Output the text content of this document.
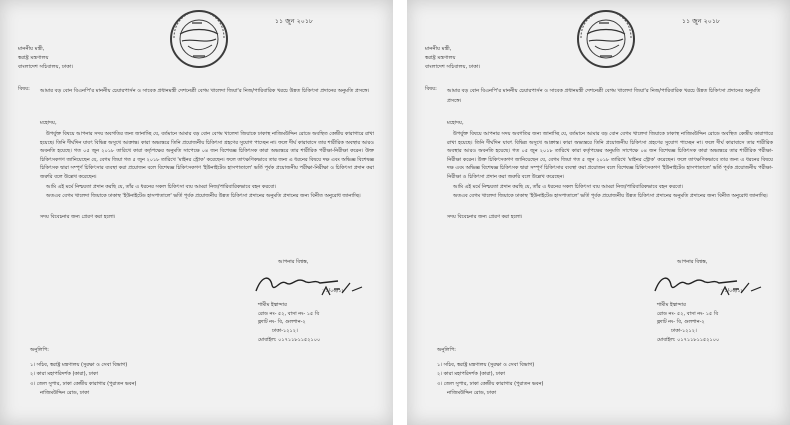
১১ জুন ২০১৮
মাননীয় মন্ত্রী,
স্বরাষ্ট্র মন্ত্রণালয়
বাংলাদেশ সচিবালয়, ঢাকা।
বিষয়: আমার বড় বোন বিএনপি'র মাননীয় চেয়ারপার্সন ও সাবেক প্রধানমন্ত্রী দেশনেত্রী বেগম খালেদা জিয়া'র নিজ/পারিবারিক খরচে উন্নত চিকিৎসা প্রদানের অনুমতি প্রসঙ্গে।
মহোদয়,

উপর্যুক্ত বিষয়ে আপনার সদয় অবগতির জন্য জানাচ্ছি যে, বর্তমানে আমার বড় বোন বেগম খালেদা জিয়াকে ঢাকাস্থ নাজিমউদ্দিন রোডে অবস্থিত কেন্দ্রীয় কারাগারে রাখা হয়েছে। তিনি দীর্ঘদিন যাবৎ বিভিন্ন অসুখে আক্রান্ত। কারা অভ্যন্তরে তিনি প্রয়োজনীয় চিকিৎসা গ্রহণের সুযোগ পাচ্ছেন না। ফলে দীর্ঘ কারাবাসে তার শারীরিক অবস্থার আরও অবনতি হয়েছে। গত ০৫ জুন ২০১৮ তারিখে কারা কর্তৃপক্ষের অনুমতি সাপেক্ষে ০৪ জন বিশেষজ্ঞ চিকিৎসক কারা অভ্যন্তরে তার শারীরিক পরীক্ষা-নিরীক্ষা করেন। উক্ত চিকিৎসকগণ জানিয়েছেন যে, বেগম জিয়া গত ৫ জুন ২০১৮ তারিখে 'মাইনর স্ট্রোক' করেছেন। ফলে তাৎক্ষণিকভাবে তার জন্য এ ধরনের বিষয়ে দক্ষ এবং অভিজ্ঞ বিশেষজ্ঞ চিকিৎসক দ্বারা সম্পূর্ণ চিকিৎসার ব্যবস্থা করা প্রয়োজন বলে বিশেষজ্ঞ চিকিৎসকগণ 'ইউনাইটেড হাসপাতালে' ভর্তি পূর্বক প্রয়োজনীয় পরীক্ষা-নিরীক্ষা ও চিকিৎসা প্রদান করা জরুরি বলে উল্লেখ করেছেন।

আমি এই মর্মে নিশ্চয়তা প্রদান করছি যে, তাঁর এ ধরনের সকল চিকিৎসা ব্যয় আমরা নিজ/পারিবারিকভাবে বহন করবো।

অতএব বেগম খালেদা জিয়াকে ঢাকাস্থ 'ইউনাইটেড হাসপাতালে' ভর্তি পূর্বক প্রয়োজনীয় উন্নত চিকিৎসা প্রদানের অনুমতি প্রদানের জন্য বিনীত অনুরোধ জানাচ্ছি।

সদয় বিবেচনার জন্য প্রেরণ করা হলো।
আপনার বিশ্বস্ত,
১১/০৬/১৮
শামীম ইস্কান্দার
রোড নং- ৫২, বাসা নং- ১৫ বি
ফ্ল্যাট নং- বি, গুলশান-২
ঢাকা-১২১২।
মোবাইল: ০১৭১১৮১১৫২১০০
অনুলিপি:
১। সচিব, স্বরাষ্ট্র মন্ত্রণালয় (সুরক্ষা ও সেবা বিভাগ)
২। কারা মহাপরিদর্শক (কারা), ঢাকা
৩। জেল সুপার, ঢাকা কেন্দ্রীয় কারাগার (পুরাতন ভবন)
নাজিমউদ্দিন রোড, ঢাকা
১১ জুন ২০১৮
মাননীয় মন্ত্রী,
স্বরাষ্ট্র মন্ত্রণালয়
বাংলাদেশ সচিবালয়, ঢাকা।
বিষয়: আমার বড় বোন বিএনপি'র মাননীয় চেয়ারপার্সন ও সাবেক প্রধানমন্ত্রী দেশনেত্রী বেগম খালেদা জিয়া'র নিজ/পারিবারিক খরচে উন্নত চিকিৎসা প্রদানের অনুমতি প্রসঙ্গে।
মহোদয়,

উপর্যুক্ত বিষয়ে আপনার সদয় অবগতির জন্য জানাচ্ছি যে, বর্তমানে আমার বড় বোন বেগম খালেদা জিয়াকে ঢাকাস্থ নাজিমউদ্দিন রোডে অবস্থিত কেন্দ্রীয় কারাগারে রাখা হয়েছে। তিনি দীর্ঘদিন যাবৎ বিভিন্ন অসুখে আক্রান্ত। কারা অভ্যন্তরে তিনি প্রয়োজনীয় চিকিৎসা গ্রহণের সুযোগ পাচ্ছেন না। ফলে দীর্ঘ কারাবাসে তার শারীরিক অবস্থার আরও অবনতি হয়েছে। গত ০৫ জুন ২০১৮ তারিখে কারা কর্তৃপক্ষের অনুমতি সাপেক্ষে ০৪ জন বিশেষজ্ঞ চিকিৎসক কারা অভ্যন্তরে তার শারীরিক পরীক্ষা-নিরীক্ষা করেন। উক্ত চিকিৎসকগণ জানিয়েছেন যে, বেগম জিয়া গত ৫ জুন ২০১৮ তারিখে 'মাইনর স্ট্রোক' করেছেন। ফলে তাৎক্ষণিকভাবে তার জন্য এ ধরনের বিষয়ে দক্ষ এবং অভিজ্ঞ বিশেষজ্ঞ চিকিৎসক দ্বারা সম্পূর্ণ চিকিৎসার ব্যবস্থা করা প্রয়োজন বলে বিশেষজ্ঞ চিকিৎসকগণ 'ইউনাইটেড হাসপাতালে' ভর্তি পূর্বক প্রয়োজনীয় পরীক্ষা-নিরীক্ষা ও চিকিৎসা প্রদান করা জরুরি বলে উল্লেখ করেছেন।

আমি এই মর্মে নিশ্চয়তা প্রদান করছি যে, তাঁর এ ধরনের সকল চিকিৎসা ব্যয় আমরা নিজ/পারিবারিকভাবে বহন করবো।

অতএব বেগম খালেদা জিয়াকে ঢাকাস্থ 'ইউনাইটেড হাসপাতালে' ভর্তি পূর্বক প্রয়োজনীয় উন্নত চিকিৎসা প্রদানের অনুমতি প্রদানের জন্য বিনীত অনুরোধ জানাচ্ছি।

সদয় বিবেচনার জন্য প্রেরণ করা হলো।
আপনার বিশ্বস্ত,
১১/০৬/১৮
শামীম ইস্কান্দার
রোড নং- ৫২, বাসা নং- ১৫ বি
ফ্ল্যাট নং- বি, গুলশান-২
ঢাকা-১২১২।
মোবাইল: ০১৭১১৮১১৫২১০০
অনুলিপি:
১। সচিব, স্বরাষ্ট্র মন্ত্রণালয় (সুরক্ষা ও সেবা বিভাগ)
২। কারা মহাপরিদর্শক (কারা), ঢাকা
৩। জেল সুপার, ঢাকা কেন্দ্রীয় কারাগার (পুরাতন ভবন)
নাজিমউদ্দিন রোড, ঢাকা
